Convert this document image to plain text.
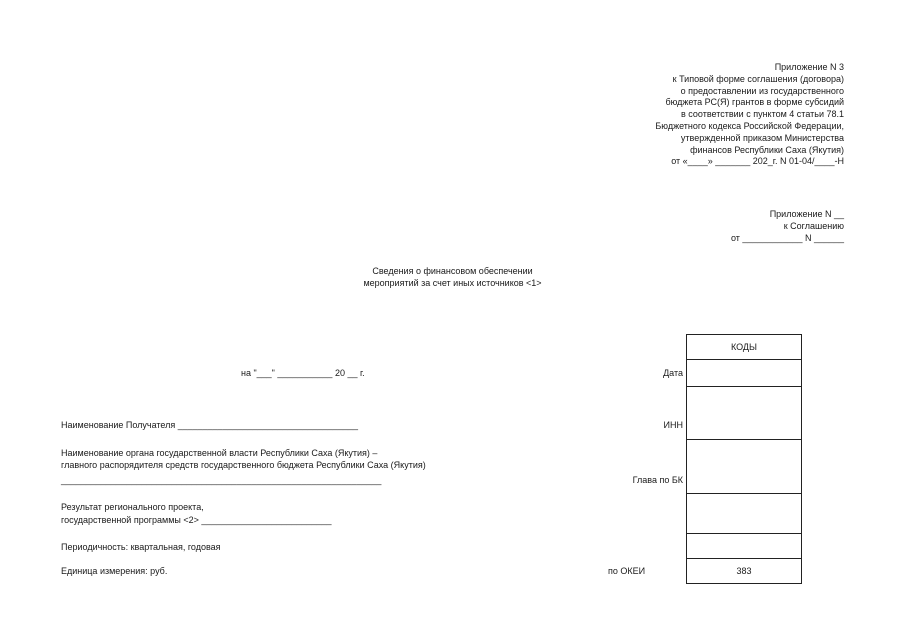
Приложение N 3
к Типовой форме соглашения (договора)
о предоставлении из государственного
бюджета РС(Я) грантов в форме субсидий
в соответствии с пунктом 4 статьи 78.1
Бюджетного кодекса Российской Федерации,
утвержденной приказом Министерства
финансов Республики Саха (Якутия)
от «____» _______ 202_г. N 01-04/____-Н
Приложение N __
к Соглашению
от ____________ N ______
Сведения о финансовом обеспечении
мероприятий за счет иных источников <1>
на "___" ___________ 20 __ г.
Наименование Получателя ____________________________________
Наименование органа государственной власти Республики Саха (Якутия) –
главного распорядителя средств государственного бюджета Республики Саха (Якутия)
________________________________________________________________
Результат регионального проекта,
государственной программы <2> __________________________
Периодичность: квартальная, годовая
Единица измерения: руб.
Дата
ИНН
Глава по БК
по ОКЕИ
КОДЫ
383
